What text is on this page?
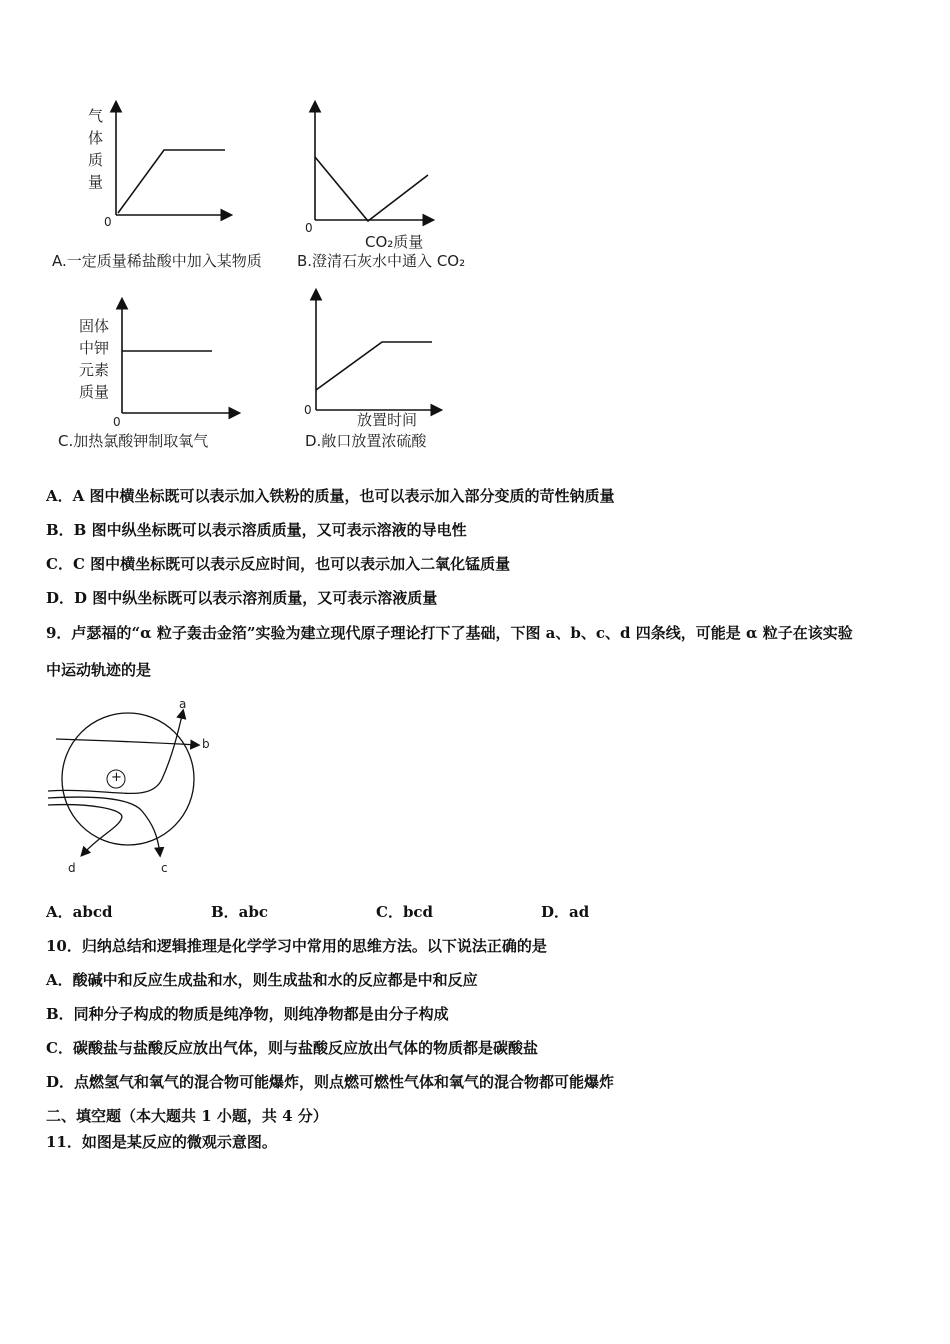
气
体
质
量
0
A.一定质量稀盐酸中加入某物质
0
CO₂质量
B.澄清石灰水中通入 CO₂
固体
中钾
元素
质量
0
C.加热氯酸钾制取氧气
0
放置时间
D.敞口放置浓硫酸
A．A 图中横坐标既可以表示加入铁粉的质量，也可以表示加入部分变质的苛性钠质量
B．B 图中纵坐标既可以表示溶质质量，又可表示溶液的导电性
C．C 图中横坐标既可以表示反应时间，也可以表示加入二氧化锰质量
D．D 图中纵坐标既可以表示溶剂质量，又可表示溶液质量
9．卢瑟福的“α 粒子轰击金箔”实验为建立现代原子理论打下了基础，下图 a、b、c、d 四条线，可能是 α 粒子在该实验
中运动轨迹的是
+
a
b
c
d
A．abcd	B．abc	C．bcd	D．ad
10．归纳总结和逻辑推理是化学学习中常用的思维方法。以下说法正确的是
A．酸碱中和反应生成盐和水，则生成盐和水的反应都是中和反应
B．同种分子构成的物质是纯净物，则纯净物都是由分子构成
C．碳酸盐与盐酸反应放出气体，则与盐酸反应放出气体的物质都是碳酸盐
D．点燃氢气和氧气的混合物可能爆炸，则点燃可燃性气体和氧气的混合物都可能爆炸
二、填空题（本大题共 1 小题，共 4 分）
11．如图是某反应的微观示意图。
